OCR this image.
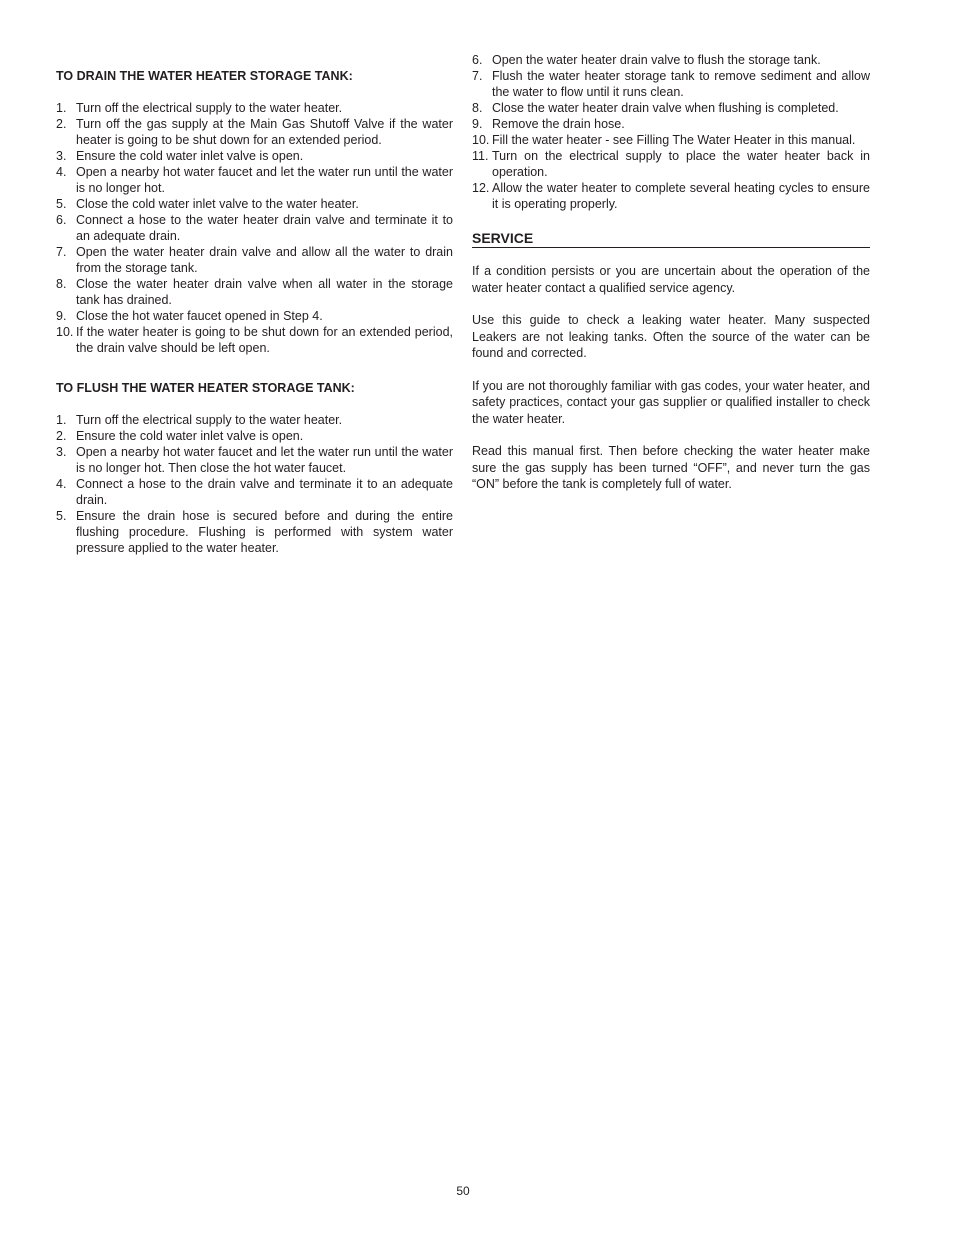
TO DRAIN THE WATER HEATER STORAGE TANK:

1. Turn off the electrical supply to the water heater.
2. Turn off the gas supply at the Main Gas Shutoff Valve if the water heater is going to be shut down for an extended period.
3. Ensure the cold water inlet valve is open.
4. Open a nearby hot water faucet and let the water run until the water is no longer hot.
5. Close the cold water inlet valve to the water heater.
6. Connect a hose to the water heater drain valve and terminate it to an adequate drain.
7. Open the water heater drain valve and allow all the water to drain from the storage tank.
8. Close the water heater drain valve when all water in the storage tank has drained.
9. Close the hot water faucet opened in Step 4.
10. If the water heater is going to be shut down for an extended period, the drain valve should be left open.

TO FLUSH THE WATER HEATER STORAGE TANK:

1. Turn off the electrical supply to the water heater.
2. Ensure the cold water inlet valve is open.
3. Open a nearby hot water faucet and let the water run until the water is no longer hot. Then close the hot water faucet.
4. Connect a hose to the drain valve and terminate it to an adequate drain.
5. Ensure the drain hose is secured before and during the entire flushing procedure. Flushing is performed with system water pressure applied to the water heater.
6. Open the water heater drain valve to flush the storage tank.
7. Flush the water heater storage tank to remove sediment and allow the water to flow until it runs clean.
8. Close the water heater drain valve when flushing is completed.
9. Remove the drain hose.
10. Fill the water heater - see Filling The Water Heater in this manual.
11. Turn on the electrical supply to place the water heater back in operation.
12. Allow the water heater to complete several heating cycles to ensure it is operating properly.
SERVICE

If a condition persists or you are uncertain about the operation of the water heater contact a qualified service agency.

Use this guide to check a leaking water heater. Many suspected Leakers are not leaking tanks. Often the source of the water can be found and corrected.

If you are not thoroughly familiar with gas codes, your water heater, and safety practices, contact your gas supplier or qualified installer to check the water heater.

Read this manual first. Then before checking the water heater make sure the gas supply has been turned “OFF”, and never turn the gas “ON” before the tank is completely full of water.

50
